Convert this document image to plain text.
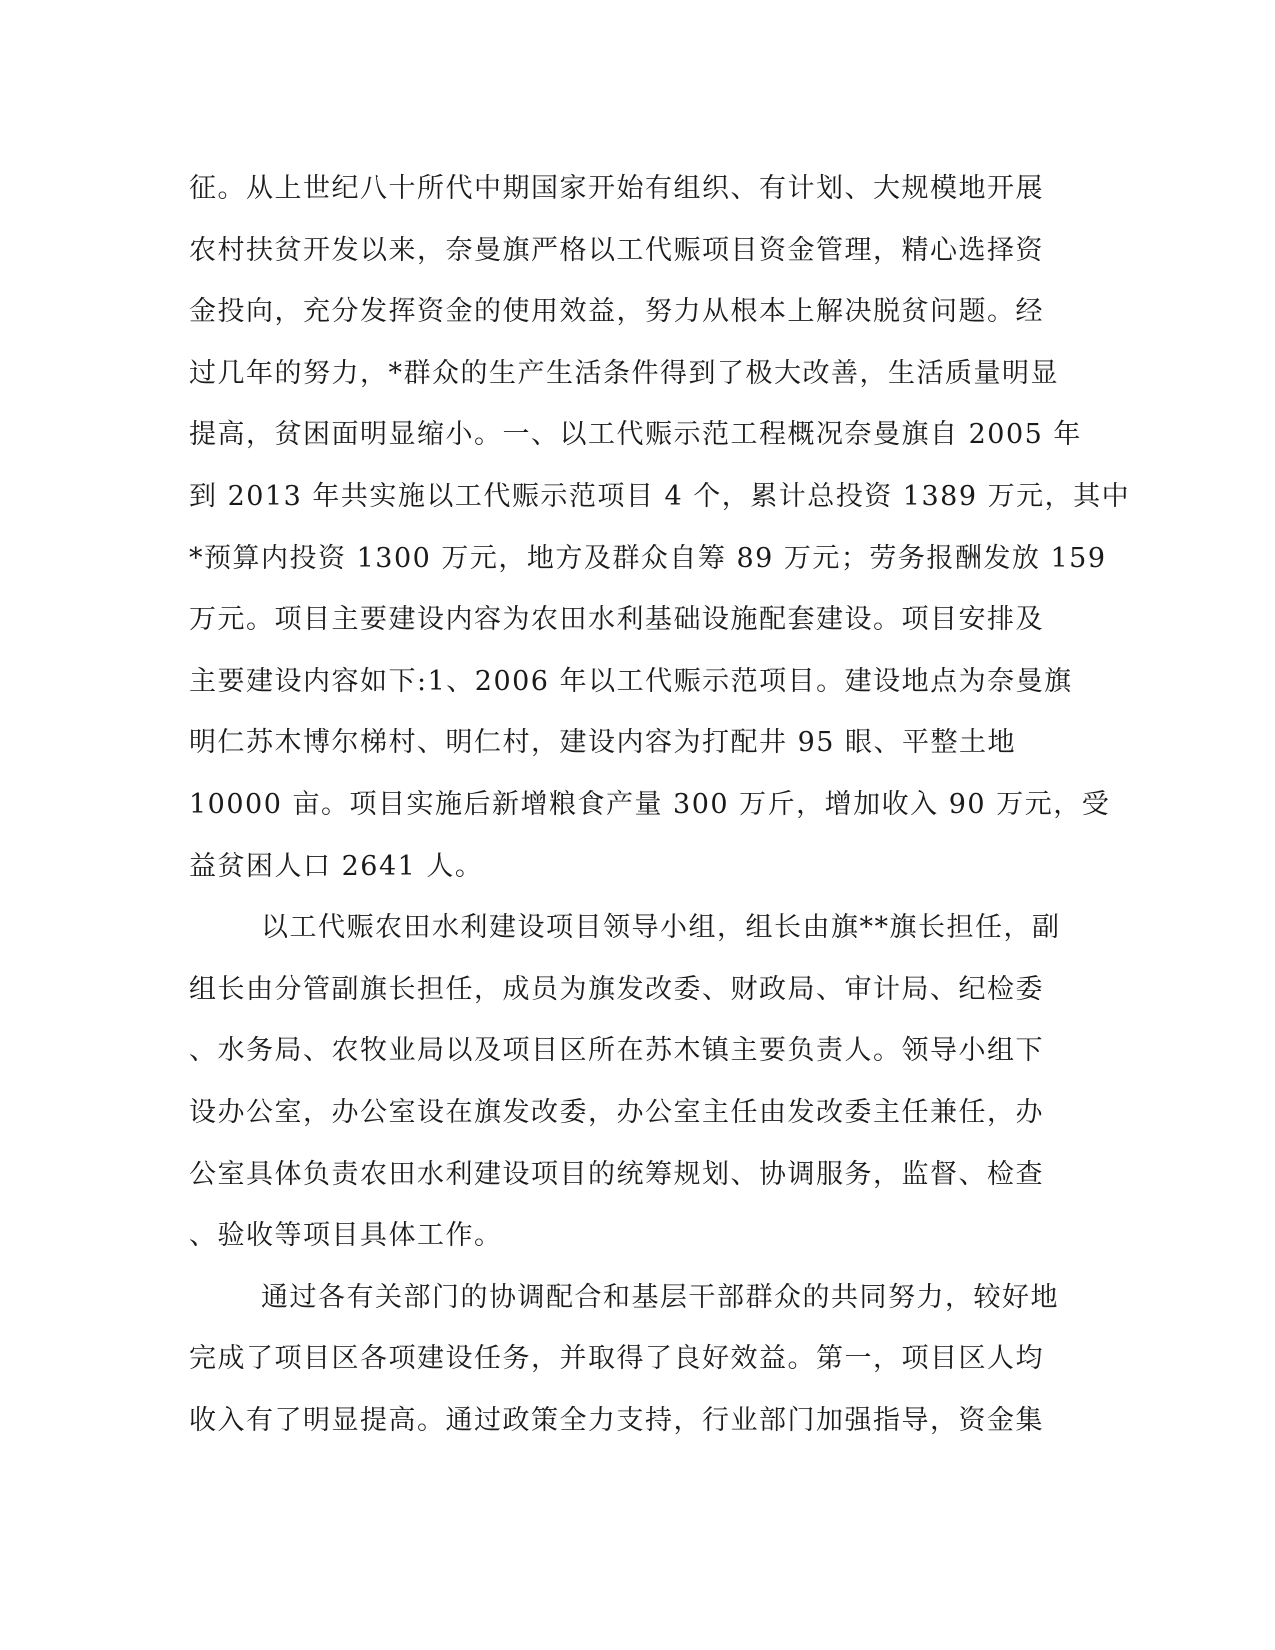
征。从上世纪八十所代中期国家开始有组织、有计划、大规模地开展
农村扶贫开发以来，奈曼旗严格以工代赈项目资金管理，精心选择资
金投向，充分发挥资金的使用效益，努力从根本上解决脱贫问题。经
过几年的努力，*群众的生产生活条件得到了极大改善，生活质量明显
提高，贫困面明显缩小。一、以工代赈示范工程概况奈曼旗自 2005 年
到 2013 年共实施以工代赈示范项目 4 个，累计总投资 1389 万元，其中
*预算内投资 1300 万元，地方及群众自筹 89 万元；劳务报酬发放 159
万元。项目主要建设内容为农田水利基础设施配套建设。项目安排及
主要建设内容如下:1、2006 年以工代赈示范项目。建设地点为奈曼旗
明仁苏木博尔梯村、明仁村，建设内容为打配井 95 眼、平整土地
10000 亩。项目实施后新增粮食产量 300 万斤，增加收入 90 万元，受
益贫困人口 2641 人。
以工代赈农田水利建设项目领导小组，组长由旗**旗长担任，副
组长由分管副旗长担任，成员为旗发改委、财政局、审计局、纪检委
、水务局、农牧业局以及项目区所在苏木镇主要负责人。领导小组下
设办公室，办公室设在旗发改委，办公室主任由发改委主任兼任，办
公室具体负责农田水利建设项目的统筹规划、协调服务，监督、检查
、验收等项目具体工作。
通过各有关部门的协调配合和基层干部群众的共同努力，较好地
完成了项目区各项建设任务，并取得了良好效益。第一，项目区人均
收入有了明显提高。通过政策全力支持，行业部门加强指导，资金集
